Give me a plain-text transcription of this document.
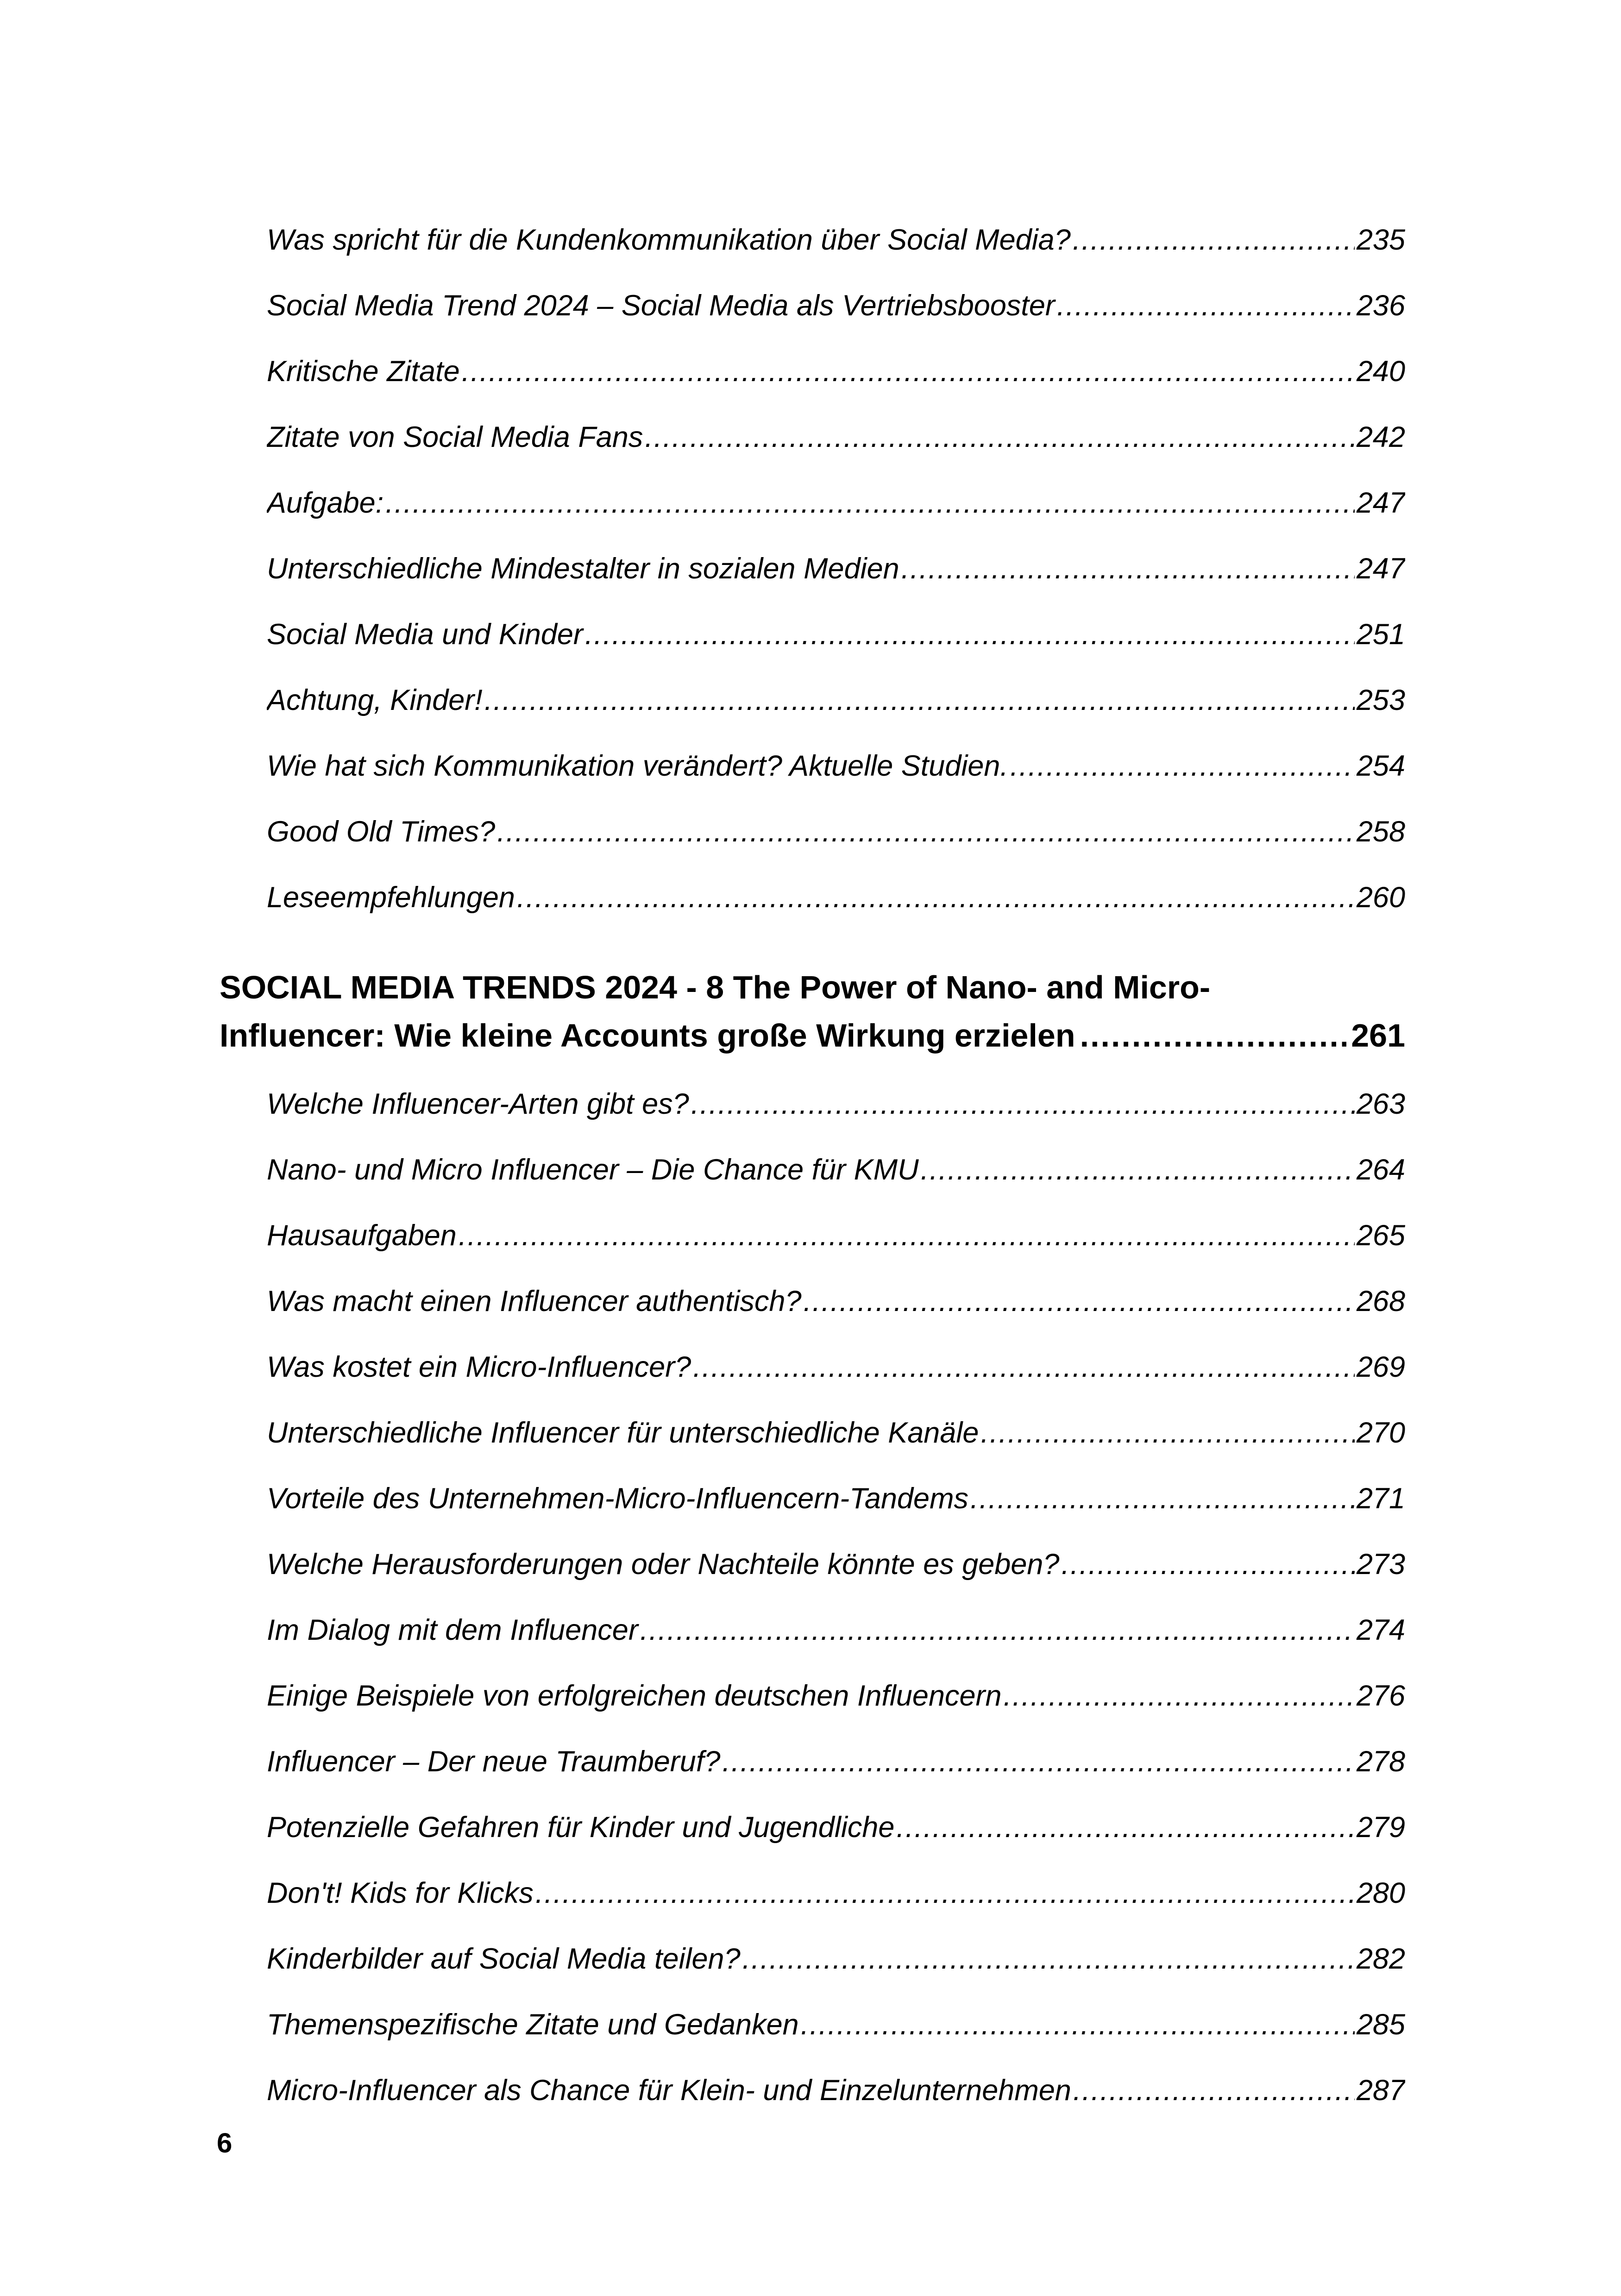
Was spricht für die Kundenkommunikation über Social Media? .....	235
Social Media Trend 2024 – Social Media als Vertriebsbooster .....	236
Kritische Zitate .....	240
Zitate von Social Media Fans .....	242
Aufgabe: .....	247
Unterschiedliche Mindestalter in sozialen Medien .....	247
Social Media und Kinder .....	251
Achtung, Kinder! .....	253
Wie hat sich Kommunikation verändert? Aktuelle Studien. .....	254
Good Old Times? .....	258
Leseempfehlungen .....	260
SOCIAL MEDIA TRENDS 2024 - 8 The Power of Nano- and Micro-
Influencer: Wie kleine Accounts große Wirkung erzielen .....	261
Welche Influencer-Arten gibt es? .....	263
Nano- und Micro Influencer – Die Chance für KMU .....	264
Hausaufgaben .....	265
Was macht einen Influencer authentisch? .....	268
Was kostet ein Micro-Influencer? .....	269
Unterschiedliche Influencer für unterschiedliche Kanäle .....	270
Vorteile des Unternehmen-Micro-Influencern-Tandems .....	271
Welche Herausforderungen oder Nachteile könnte es geben? .....	273
Im Dialog mit dem Influencer .....	274
Einige Beispiele von erfolgreichen deutschen Influencern .....	276
Influencer – Der neue Traumberuf? .....	278
Potenzielle Gefahren für Kinder und Jugendliche .....	279
Don't! Kids for Klicks .....	280
Kinderbilder auf Social Media teilen? .....	282
Themenspezifische Zitate und Gedanken .....	285
Micro-Influencer als Chance für Klein- und Einzelunternehmen .....	287
6
